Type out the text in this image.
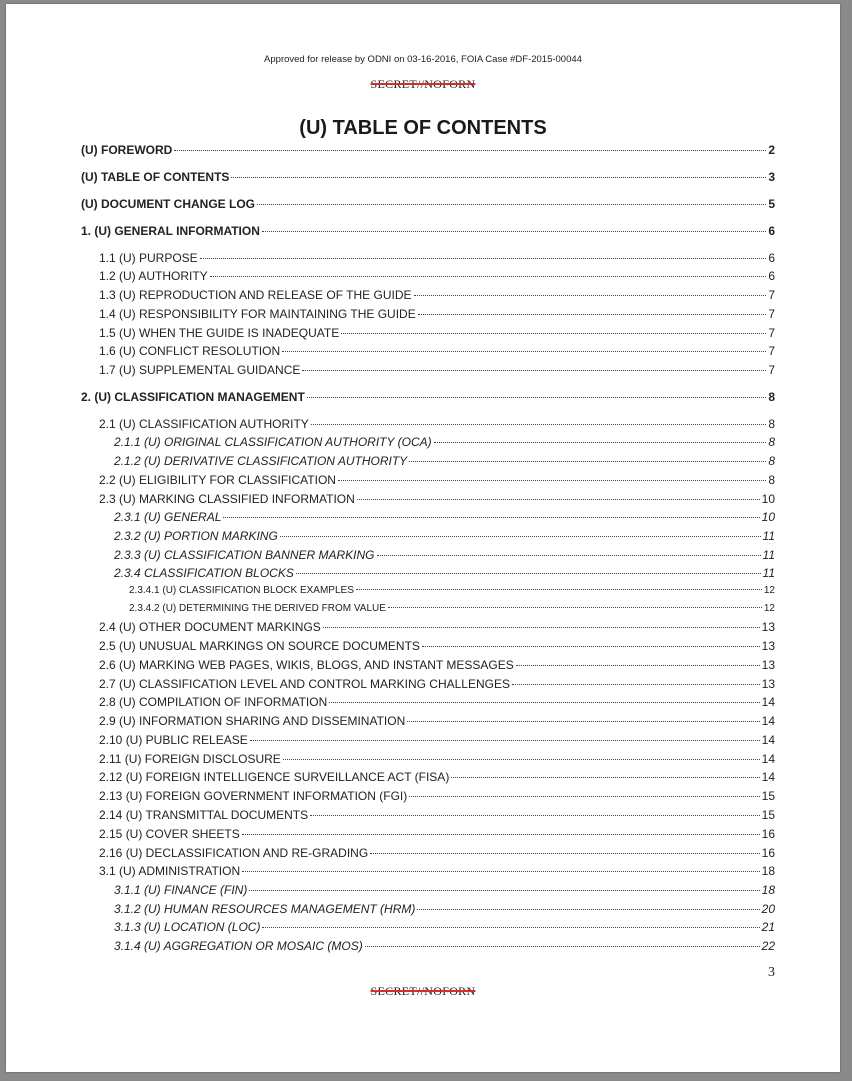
Approved for release by ODNI on 03-16-2016, FOIA Case #DF-2015-00044
SECRET//NOFORN
(U) TABLE OF CONTENTS
(U) FOREWORD	2
(U) TABLE OF CONTENTS	3
(U) DOCUMENT CHANGE LOG	5
1. (U) GENERAL INFORMATION	6
1.1 (U) PURPOSE	6
1.2 (U) AUTHORITY	6
1.3 (U) REPRODUCTION AND RELEASE OF THE GUIDE	7
1.4 (U) RESPONSIBILITY FOR MAINTAINING THE GUIDE	7
1.5 (U) WHEN THE GUIDE IS INADEQUATE	7
1.6 (U) CONFLICT RESOLUTION	7
1.7 (U) SUPPLEMENTAL GUIDANCE	7
2. (U) CLASSIFICATION MANAGEMENT	8
2.1 (U) CLASSIFICATION AUTHORITY	8
2.1.1 (U) ORIGINAL CLASSIFICATION AUTHORITY (OCA)	8
2.1.2 (U) DERIVATIVE CLASSIFICATION AUTHORITY	8
2.2 (U) ELIGIBILITY FOR CLASSIFICATION	8
2.3 (U) MARKING CLASSIFIED INFORMATION	10
2.3.1 (U) GENERAL	10
2.3.2 (U) PORTION MARKING	11
2.3.3 (U) CLASSIFICATION BANNER MARKING	11
2.3.4 CLASSIFICATION BLOCKS	11
2.3.4.1 (U) CLASSIFICATION BLOCK EXAMPLES	12
2.3.4.2 (U) DETERMINING THE DERIVED FROM VALUE	12
2.4 (U) OTHER DOCUMENT MARKINGS	13
2.5 (U) UNUSUAL MARKINGS ON SOURCE DOCUMENTS	13
2.6 (U) MARKING WEB PAGES, WIKIS, BLOGS, AND INSTANT MESSAGES	13
2.7 (U) CLASSIFICATION LEVEL AND CONTROL MARKING CHALLENGES	13
2.8 (U) COMPILATION OF INFORMATION	14
2.9 (U) INFORMATION SHARING AND DISSEMINATION	14
2.10 (U) PUBLIC RELEASE	14
2.11 (U) FOREIGN DISCLOSURE	14
2.12 (U) FOREIGN INTELLIGENCE SURVEILLANCE ACT (FISA)	14
2.13 (U) FOREIGN GOVERNMENT INFORMATION (FGI)	15
2.14 (U) TRANSMITTAL DOCUMENTS	15
2.15 (U) COVER SHEETS	16
2.16 (U) DECLASSIFICATION AND RE-GRADING	16
3.1 (U) ADMINISTRATION	18
3.1.1 (U) FINANCE (FIN)	18
3.1.2 (U) HUMAN RESOURCES MANAGEMENT (HRM)	20
3.1.3 (U) LOCATION (LOC)	21
3.1.4 (U) AGGREGATION OR MOSAIC (MOS)	22
3
SECRET//NOFORN
